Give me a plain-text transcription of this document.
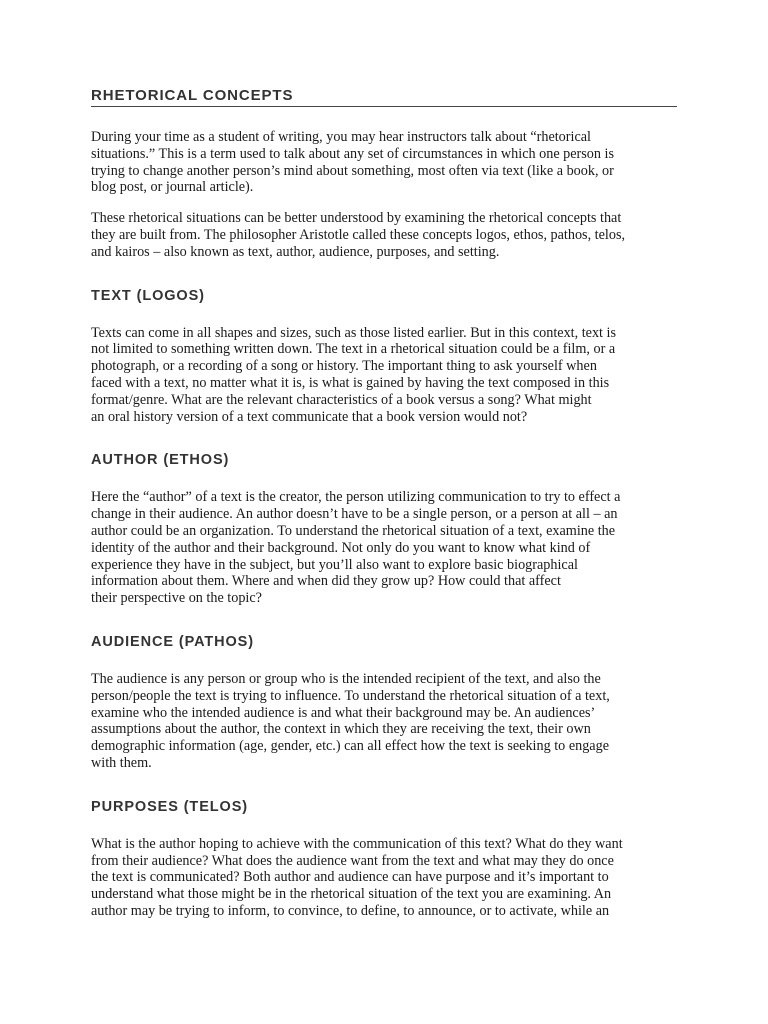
RHETORICAL CONCEPTS

During your time as a student of writing, you may hear instructors talk about “rhetorical
situations.” This is a term used to talk about any set of circumstances in which one person is
trying to change another person’s mind about something, most often via text (like a book, or
blog post, or journal article).

These rhetorical situations can be better understood by examining the rhetorical concepts that
they are built from. The philosopher Aristotle called these concepts logos, ethos, pathos, telos,
and kairos – also known as text, author, audience, purposes, and setting.

TEXT (LOGOS)

Texts can come in all shapes and sizes, such as those listed earlier. But in this context, text is
not limited to something written down. The text in a rhetorical situation could be a film, or a
photograph, or a recording of a song or history. The important thing to ask yourself when
faced with a text, no matter what it is, is what is gained by having the text composed in this
format/genre. What are the relevant characteristics of a book versus a song? What might
an oral history version of a text communicate that a book version would not?

AUTHOR (ETHOS)

Here the “author” of a text is the creator, the person utilizing communication to try to effect a
change in their audience. An author doesn’t have to be a single person, or a person at all – an
author could be an organization. To understand the rhetorical situation of a text, examine the
identity of the author and their background. Not only do you want to know what kind of
experience they have in the subject, but you’ll also want to explore basic biographical
information about them. Where and when did they grow up? How could that affect
their perspective on the topic?

AUDIENCE (PATHOS)

The audience is any person or group who is the intended recipient of the text, and also the
person/people the text is trying to influence. To understand the rhetorical situation of a text,
examine who the intended audience is and what their background may be. An audiences’
assumptions about the author, the context in which they are receiving the text, their own
demographic information (age, gender, etc.) can all effect how the text is seeking to engage
with them.

PURPOSES (TELOS)

What is the author hoping to achieve with the communication of this text? What do they want
from their audience? What does the audience want from the text and what may they do once
the text is communicated? Both author and audience can have purpose and it’s important to
understand what those might be in the rhetorical situation of the text you are examining. An
author may be trying to inform, to convince, to define, to announce, or to activate, while an
